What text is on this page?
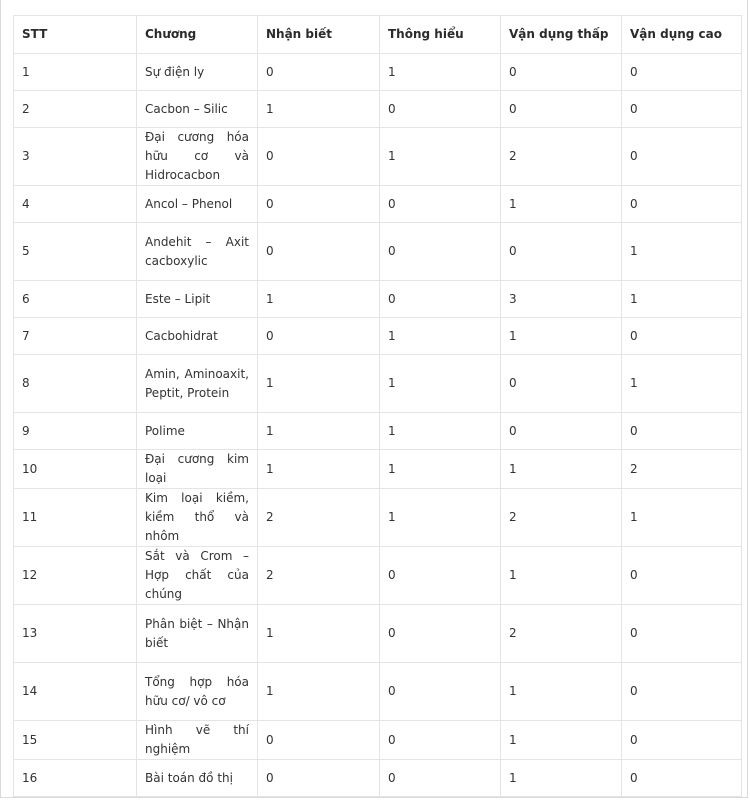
STT	Chương	Nhận biết	Thông hiểu	Vận dụng thấp	Vận dụng cao
1	Sự điện ly	0	1	0	0
2	Cacbon – Silic	1	0	0	0
3	Đại cương hóa hữu cơ và Hidrocacbon	0	1	2	0
4	Ancol – Phenol	0	0	1	0
5	Andehit – Axit cacboxylic	0	0	0	1
6	Este – Lipit	1	0	3	1
7	Cacbohidrat	0	1	1	0
8	Amin, Aminoaxit, Peptit, Protein	1	1	0	1
9	Polime	1	1	0	0
10	Đại cương kim loại	1	1	1	2
11	Kim loại kiềm, kiềm thổ và nhôm	2	1	2	1
12	Sắt và Crom – Hợp chất của chúng	2	0	1	0
13	Phân biệt – Nhận biết	1	0	2	0
14	Tổng hợp hóa hữu cơ/ vô cơ	1	0	1	0
15	Hình vẽ thí nghiệm	0	0	1	0
16	Bài toán đồ thị	0	0	1	0
